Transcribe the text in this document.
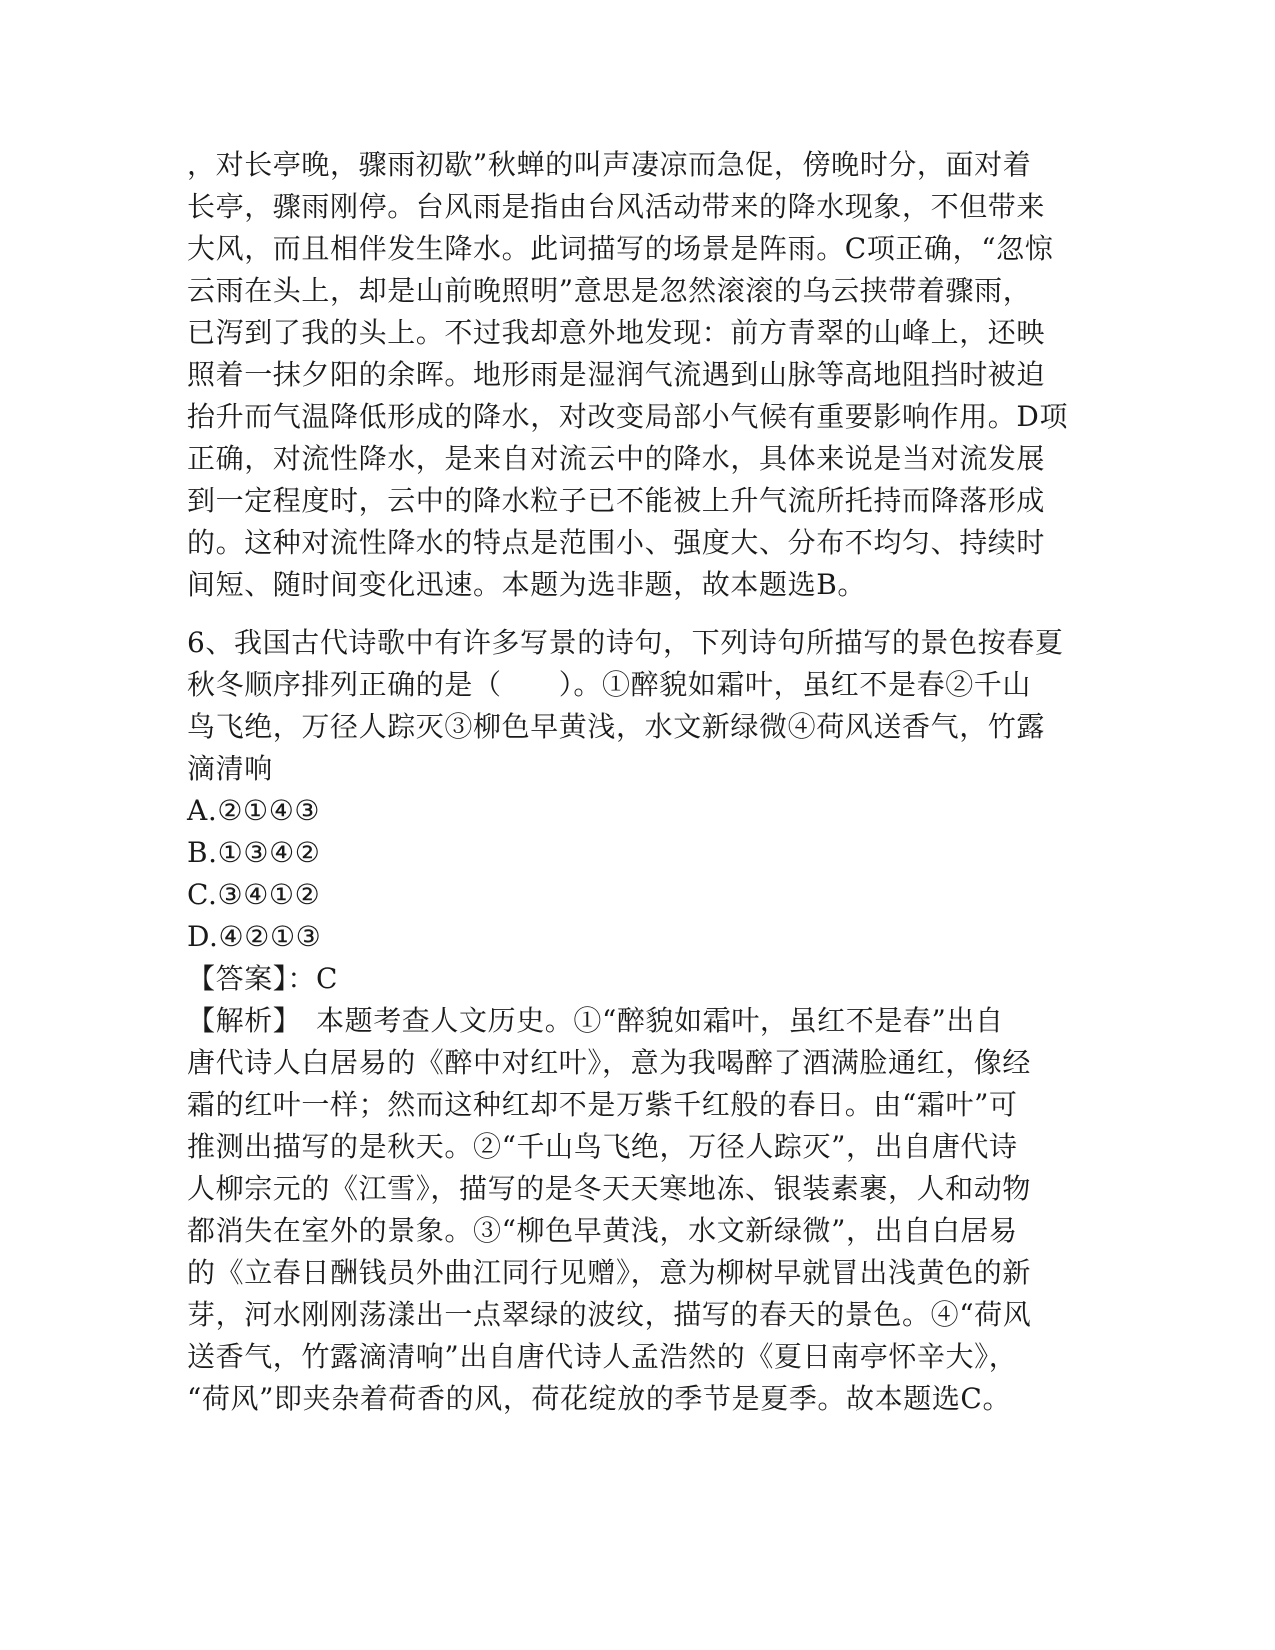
，对长亭晚，骤雨初歇”秋蝉的叫声凄凉而急促，傍晚时分，面对着
长亭，骤雨刚停。台风雨是指由台风活动带来的降水现象，不但带来
大风，而且相伴发生降水。此词描写的场景是阵雨。C项正确，“忽惊
云雨在头上，却是山前晚照明”意思是忽然滚滚的乌云挟带着骤雨，
已泻到了我的头上。不过我却意外地发现：前方青翠的山峰上，还映
照着一抹夕阳的余晖。地形雨是湿润气流遇到山脉等高地阻挡时被迫
抬升而气温降低形成的降水，对改变局部小气候有重要影响作用。D项
正确，对流性降水，是来自对流云中的降水，具体来说是当对流发展
到一定程度时，云中的降水粒子已不能被上升气流所托持而降落形成
的。这种对流性降水的特点是范围小、强度大、分布不均匀、持续时
间短、随时间变化迅速。本题为选非题，故本题选B。
6、我国古代诗歌中有许多写景的诗句，下列诗句所描写的景色按春夏
秋冬顺序排列正确的是（　　）。①醉貌如霜叶，虽红不是春②千山
鸟飞绝，万径人踪灭③柳色早黄浅，水文新绿微④荷风送香气，竹露
滴清响
A.②①④③
B.①③④②
C.③④①②
D.④②①③
【答案】：C
【解析】　本题考查人文历史。①“醉貌如霜叶，虽红不是春”出自
唐代诗人白居易的《醉中对红叶》，意为我喝醉了酒满脸通红，像经
霜的红叶一样；然而这种红却不是万紫千红般的春日。由“霜叶”可
推测出描写的是秋天。②“千山鸟飞绝，万径人踪灭”，出自唐代诗
人柳宗元的《江雪》，描写的是冬天天寒地冻、银装素裹，人和动物
都消失在室外的景象。③“柳色早黄浅，水文新绿微”，出自白居易
的《立春日酬钱员外曲江同行见赠》，意为柳树早就冒出浅黄色的新
芽，河水刚刚荡漾出一点翠绿的波纹，描写的春天的景色。④“荷风
送香气，竹露滴清响”出自唐代诗人孟浩然的《夏日南亭怀辛大》，
“荷风”即夹杂着荷香的风，荷花绽放的季节是夏季。故本题选C。
